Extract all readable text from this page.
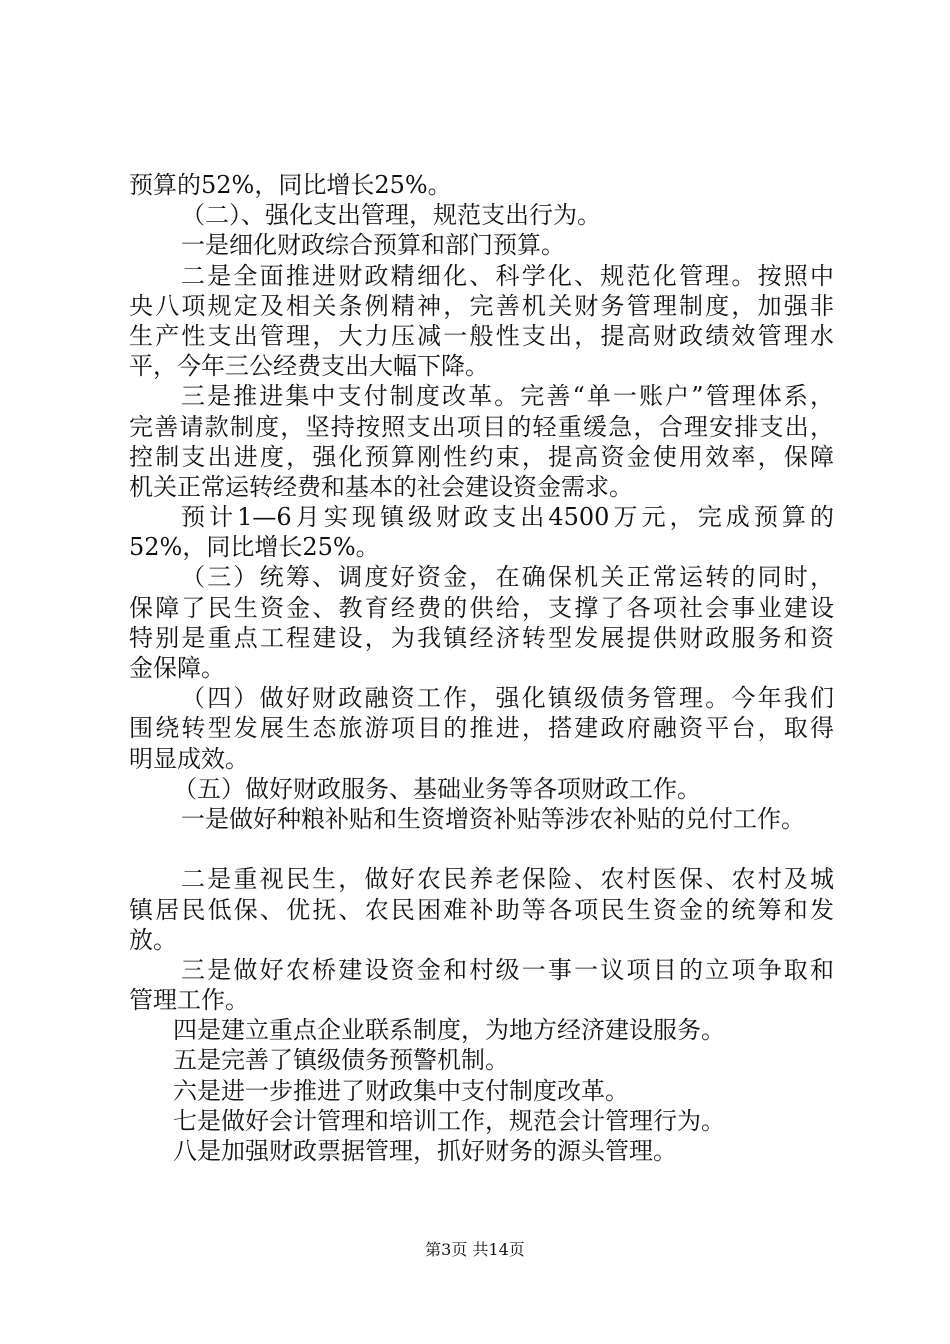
预算的52%，同比增长25%。
（二）、强化支出管理，规范支出行为。
一是细化财政综合预算和部门预算。
二是全面推进财政精细化、科学化、规范化管理。按照中
央八项规定及相关条例精神，完善机关财务管理制度，加强非
生产性支出管理，大力压减一般性支出，提高财政绩效管理水
平，今年三公经费支出大幅下降。
三是推进集中支付制度改革。完善“单一账户”管理体系，
完善请款制度，坚持按照支出项目的轻重缓急，合理安排支出，
控制支出进度，强化预算刚性约束，提高资金使用效率，保障
机关正常运转经费和基本的社会建设资金需求。
预计1—6月实现镇级财政支出4500万元，完成预算的
52%，同比增长25%。
（三）统筹、调度好资金，在确保机关正常运转的同时，
保障了民生资金、教育经费的供给，支撑了各项社会事业建设
特别是重点工程建设，为我镇经济转型发展提供财政服务和资
金保障。
（四）做好财政融资工作，强化镇级债务管理。今年我们
围绕转型发展生态旅游项目的推进，搭建政府融资平台，取得
明显成效。
（五）做好财政服务、基础业务等各项财政工作。
一是做好种粮补贴和生资增资补贴等涉农补贴的兑付工作。
二是重视民生，做好农民养老保险、农村医保、农村及城
镇居民低保、优抚、农民困难补助等各项民生资金的统筹和发
放。
三是做好农桥建设资金和村级一事一议项目的立项争取和
管理工作。
四是建立重点企业联系制度，为地方经济建设服务。
五是完善了镇级债务预警机制。
六是进一步推进了财政集中支付制度改革。
七是做好会计管理和培训工作，规范会计管理行为。
八是加强财政票据管理，抓好财务的源头管理。
第3页 共14页
